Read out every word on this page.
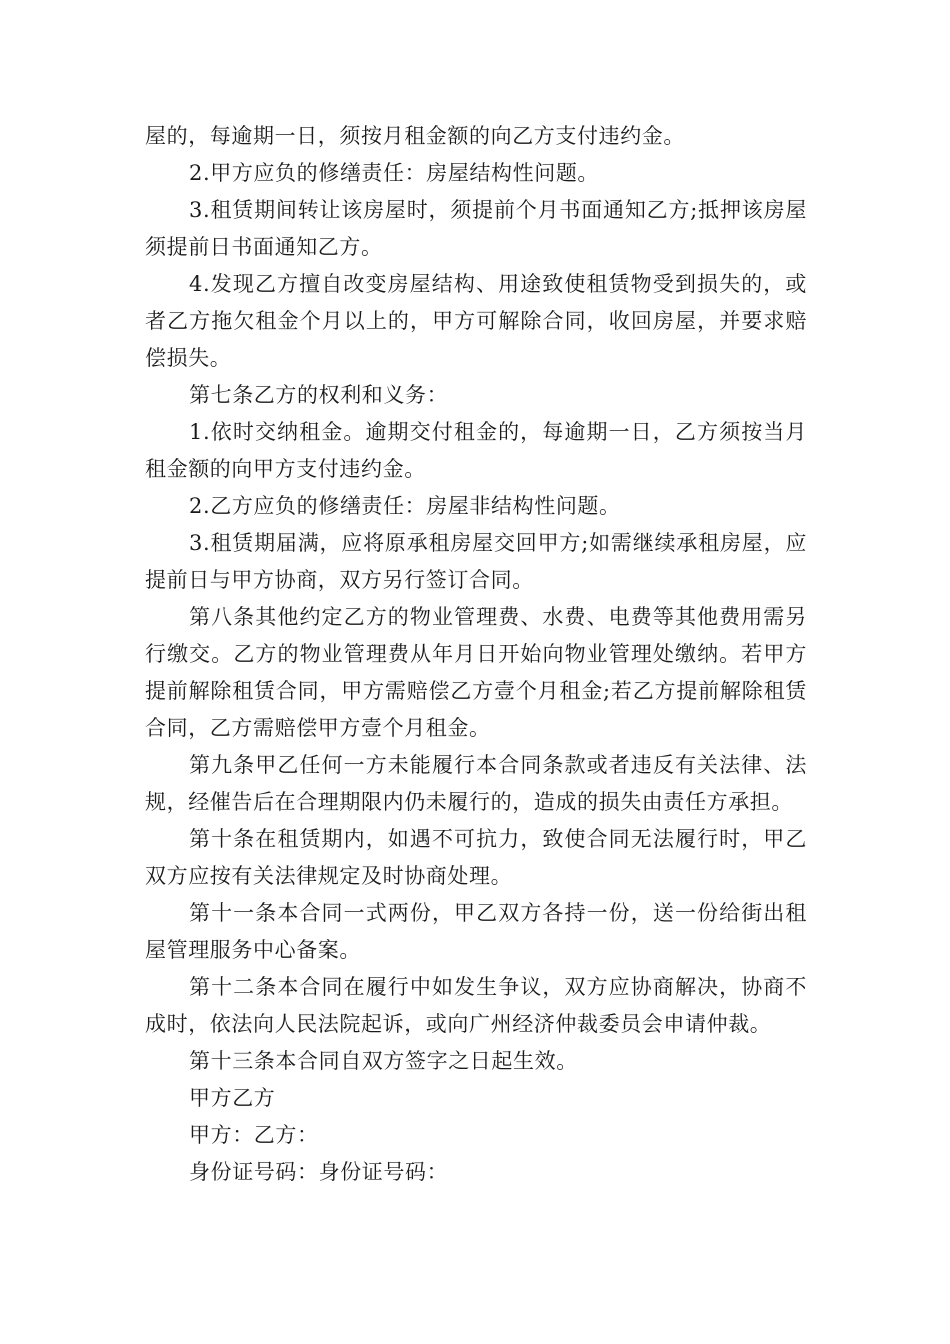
屋的，每逾期一日，须按月租金额的向乙方支付违约金。

2.甲方应负的修缮责任：房屋结构性问题。

3.租赁期间转让该房屋时，须提前个月书面通知乙方;抵押该房屋须提前日书面通知乙方。

4.发现乙方擅自改变房屋结构、用途致使租赁物受到损失的，或者乙方拖欠租金个月以上的，甲方可解除合同，收回房屋，并要求赔偿损失。

第七条乙方的权利和义务：

1.依时交纳租金。逾期交付租金的，每逾期一日，乙方须按当月租金额的向甲方支付违约金。

2.乙方应负的修缮责任：房屋非结构性问题。

3.租赁期届满，应将原承租房屋交回甲方;如需继续承租房屋，应提前日与甲方协商，双方另行签订合同。

第八条其他约定乙方的物业管理费、水费、电费等其他费用需另行缴交。乙方的物业管理费从年月日开始向物业管理处缴纳。若甲方提前解除租赁合同，甲方需赔偿乙方壹个月租金;若乙方提前解除租赁合同，乙方需赔偿甲方壹个月租金。

第九条甲乙任何一方未能履行本合同条款或者违反有关法律、法规，经催告后在合理期限内仍未履行的，造成的损失由责任方承担。

第十条在租赁期内，如遇不可抗力，致使合同无法履行时，甲乙双方应按有关法律规定及时协商处理。

第十一条本合同一式两份，甲乙双方各持一份，送一份给街出租屋管理服务中心备案。

第十二条本合同在履行中如发生争议，双方应协商解决，协商不成时，依法向人民法院起诉，或向广州经济仲裁委员会申请仲裁。

第十三条本合同自双方签字之日起生效。

甲方乙方

甲方：乙方：

身份证号码：身份证号码：
